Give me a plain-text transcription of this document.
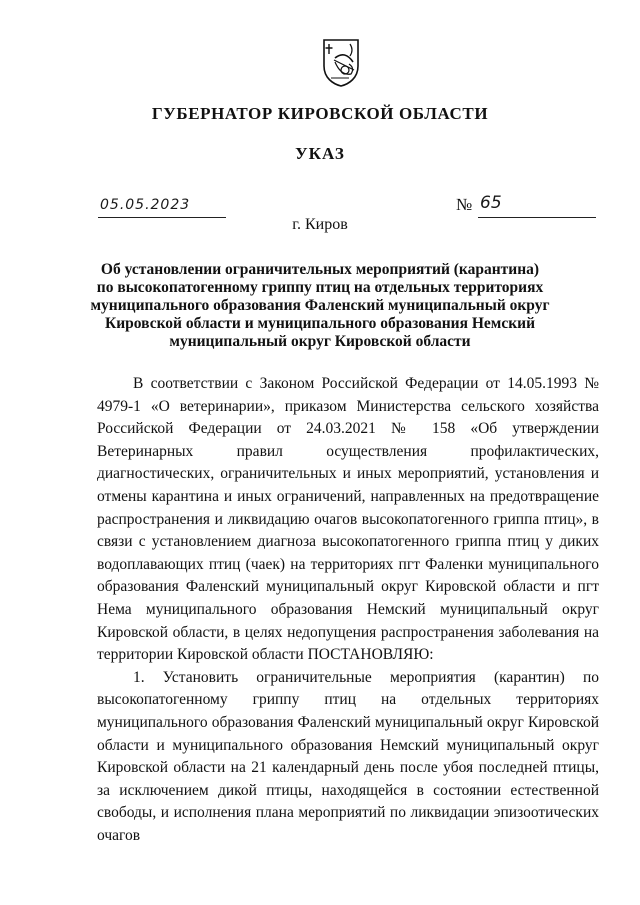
ГУБЕРНАТОР КИРОВСКОЙ ОБЛАСТИ
УКАЗ
05.05.2023	№ 65
г. Киров
Об установлении ограничительных мероприятий (карантина)
по высокопатогенному гриппу птиц на отдельных территориях
муниципального образования Фаленский муниципальный округ
Кировской области и муниципального образования Немский
муниципальный округ Кировской области

В соответствии с Законом Российской Федерации от 14.05.1993 № 4979-1 «О ветеринарии», приказом Министерства сельского хозяйства Российской Федерации от 24.03.2021 № 158 «Об утверждении Ветеринарных правил осуществления профилактических, диагностических, ограничительных и иных мероприятий, установления и отмены карантина и иных ограничений, направленных на предотвращение распространения и ликвидацию очагов высокопатогенного гриппа птиц», в связи с установлением диагноза высокопатогенного гриппа птиц у диких водоплавающих птиц (чаек) на территориях пгт Фаленки муниципального образования Фаленский муниципальный округ Кировской области и пгт Нема муниципального образования Немский муниципальный округ Кировской области, в целях недопущения распространения заболевания на территории Кировской области ПОСТАНОВЛЯЮ:

1. Установить ограничительные мероприятия (карантин) по высокопатогенному гриппу птиц на отдельных территориях муниципального образования Фаленский муниципальный округ Кировской области и муниципального образования Немский муниципальный округ Кировской области на 21 календарный день после убоя последней птицы, за исключением дикой птицы, находящейся в состоянии естественной свободы, и исполнения плана мероприятий по ликвидации эпизоотических очагов
